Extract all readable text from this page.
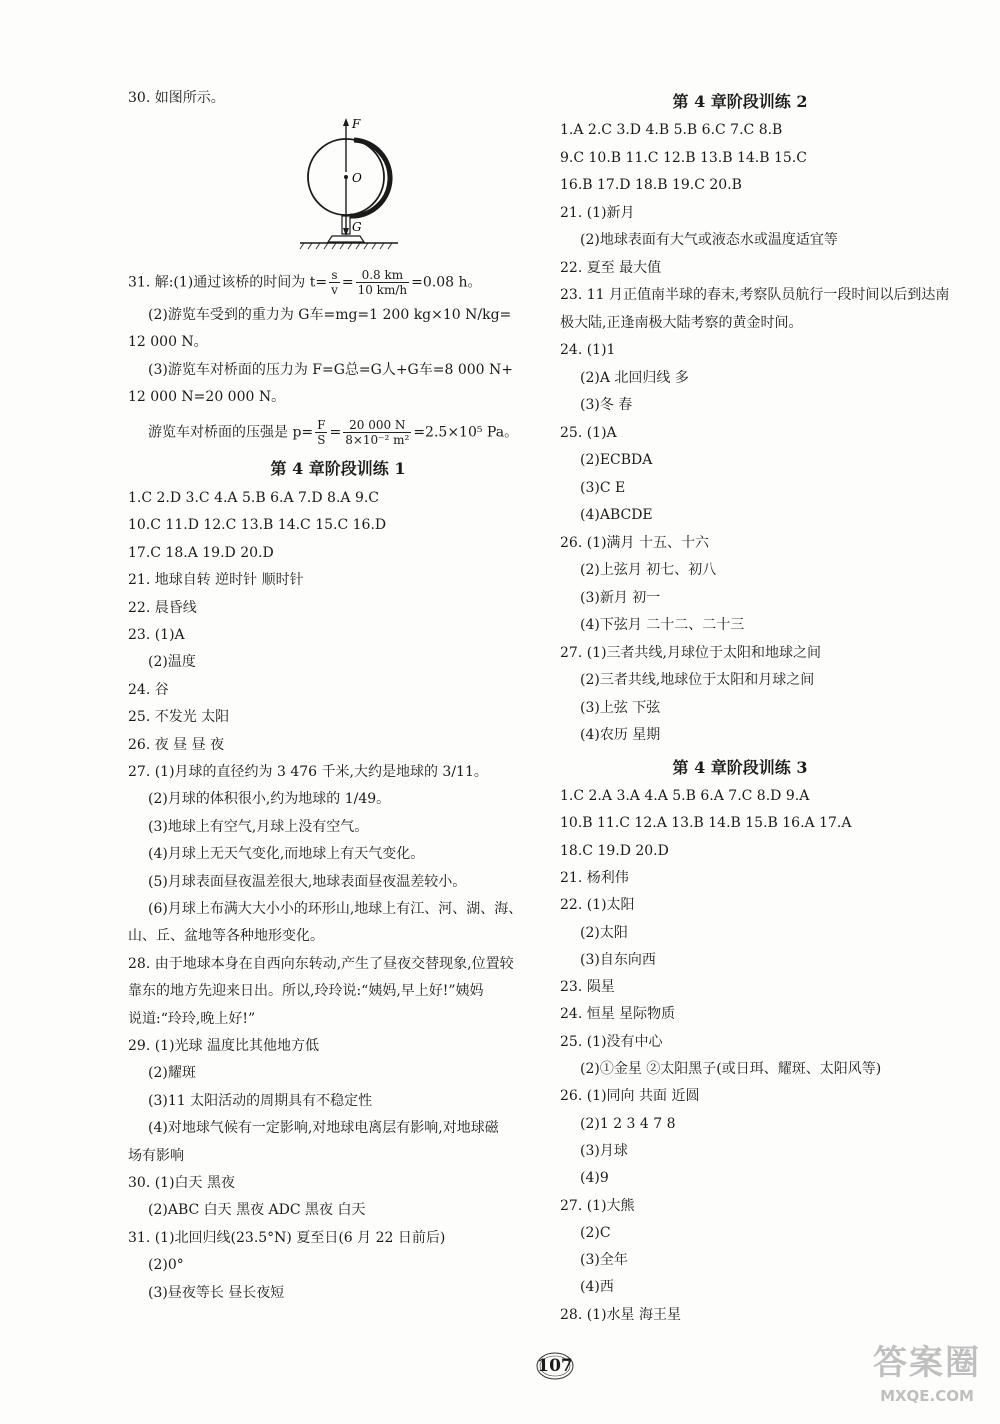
30. 如图所示。
31. 解:(1)通过该桥的时间为 $t= \frac{s}{v} = \frac{0.8 km}{10 km/h} =0.08$ h。
(2)游览车受到的重力为 G车=mg=1 200 kg×10 N/kg=
12 000 N。
(3)游览车对桥面的压力为 F=G总=G人+G车=8 000 N+
12 000 N=20 000 N。
游览车对桥面的压强是 $p= \frac{F}{S} = \frac{20 000 N}{\text{8×10⁻² m²}} =2.5\times 10^5$ Pa。
第 4 章阶段训练 1
1.C 2.D 3.C 4.A 5.B 6.A 7.D 8.A 9.C
10.C 11.D 12.C 13.B 14.C 15.C 16.D
17.C 18.A 19.D 20.D
21. 地球自转 逆时针 顺时针
22. 晨昏线
23. (1)A
(2)温度
24. 谷
25. 不发光 太阳
26. 夜 昼 昼 夜
27. (1)月球的直径约为 3 476 千米,大约是地球的 3/11。
(2)月球的体积很小,约为地球的 1/49。
(3)地球上有空气,月球上没有空气。
(4)月球上无天气变化,而地球上有天气变化。
(5)月球表面昼夜温差很大,地球表面昼夜温差较小。
(6)月球上布满大大小小的环形山,地球上有江、河、湖、海、
山、丘、盆地等各种地形变化。
28. 由于地球本身在自西向东转动,产生了昼夜交替现象,位置较
靠东的地方先迎来日出。所以,玲玲说:“姨妈,早上好!”姨妈
说道:“玲玲,晚上好!”
29. (1)光球 温度比其他地方低
(2)耀斑
(3)11 太阳活动的周期具有不稳定性
(4)对地球气候有一定影响,对地球电离层有影响,对地球磁
场有影响
30. (1)白天 黑夜
(2)ABC 白天 黑夜 ADC 黑夜 白天
31. (1)北回归线(23.5°N) 夏至日(6 月 22 日前后)
(2)0°
(3)昼夜等长 昼长夜短
F
O
G
第 4 章阶段训练 2
1.A 2.C 3.D 4.B 5.B 6.C 7.C 8.B
9.C 10.B 11.C 12.B 13.B 14.B 15.C
16.B 17.D 18.B 19.C 20.B
21. (1)新月
(2)地球表面有大气或液态水或温度适宜等
22. 夏至 最大值
23. 11 月正值南半球的春末,考察队员航行一段时间以后到达南
极大陆,正逢南极大陆考察的黄金时间。
24. (1)1
(2)A 北回归线 多
(3)冬 春
25. (1)A
(2)ECBDA
(3)C E
(4)ABCDE
26. (1)满月 十五、十六
(2)上弦月 初七、初八
(3)新月 初一
(4)下弦月 二十二、二十三
27. (1)三者共线,月球位于太阳和地球之间
(2)三者共线,地球位于太阳和月球之间
(3)上弦 下弦
(4)农历 星期
第 4 章阶段训练 3
1.C 2.A 3.A 4.A 5.B 6.A 7.C 8.D 9.A
10.B 11.C 12.A 13.B 14.B 15.B 16.A 17.A
18.C 19.D 20.D
21. 杨利伟
22. (1)太阳
(2)太阳
(3)自东向西
23. 陨星
24. 恒星 星际物质
25. (1)没有中心
(2)①金星 ②太阳黑子(或日珥、耀斑、太阳风等)
26. (1)同向 共面 近圆
(2)1 2 3 4 7 8
(3)月球
(4)9
27. (1)大熊
(2)C
(3)全年
(4)西
28. (1)水星 海王星
107	答案圈
MXQE.COM
